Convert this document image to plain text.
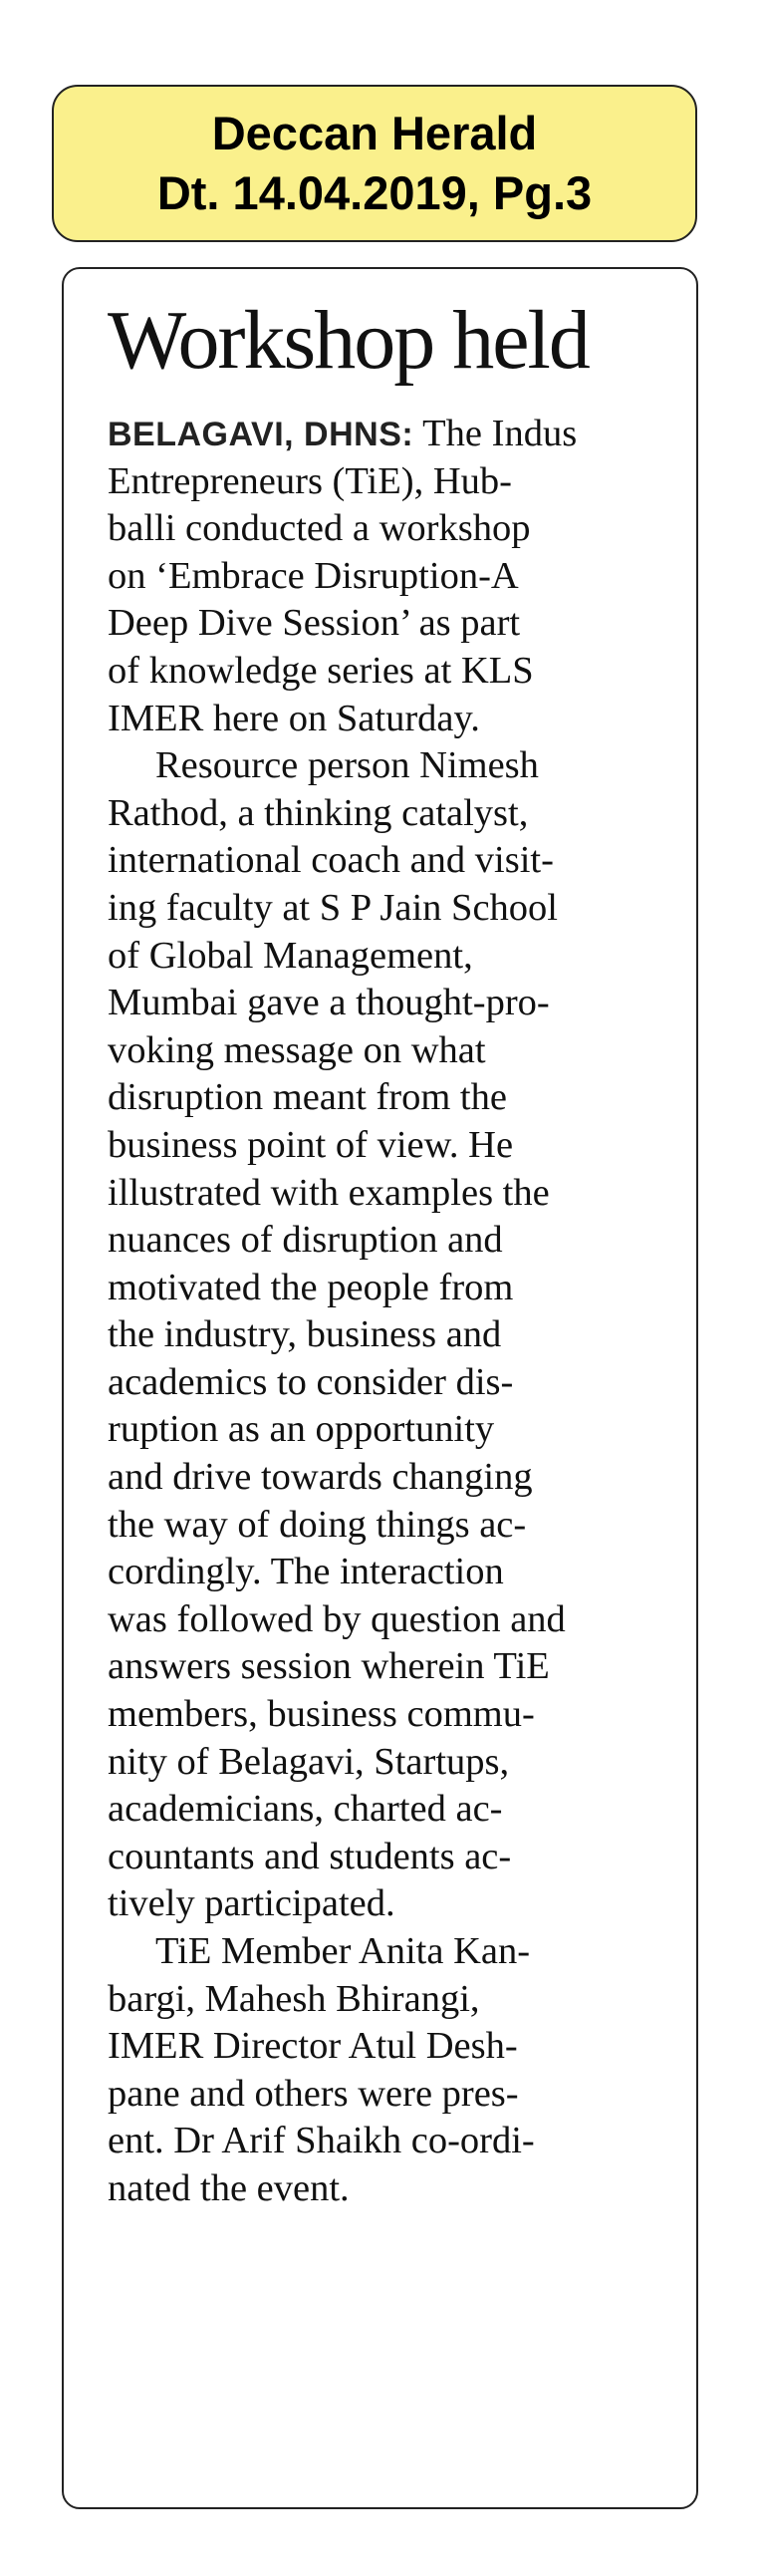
Deccan Herald
Dt. 14.04.2019, Pg.3
Workshop held
BELAGAVI, DHNS: The Indus
Entrepreneurs (TiE), Hub-
balli conducted a workshop
on ‘Embrace Disruption-A
Deep Dive Session’ as part
of knowledge series at KLS
IMER here on Saturday.
Resource person Nimesh
Rathod, a thinking catalyst,
international coach and visit-
ing faculty at S P Jain School
of Global Management,
Mumbai gave a thought-pro-
voking message on what
disruption meant from the
business point of view. He
illustrated with examples the
nuances of disruption and
motivated the people from
the industry, business and
academics to consider dis-
ruption as an opportunity
and drive towards changing
the way of doing things ac-
cordingly. The interaction
was followed by question and
answers session wherein TiE
members, business commu-
nity of Belagavi, Startups,
academicians, charted ac-
countants and students ac-
tively participated.
TiE Member Anita Kan-
bargi, Mahesh Bhirangi,
IMER Director Atul Desh-
pane and others were pres-
ent. Dr Arif Shaikh co-ordi-
nated the event.
